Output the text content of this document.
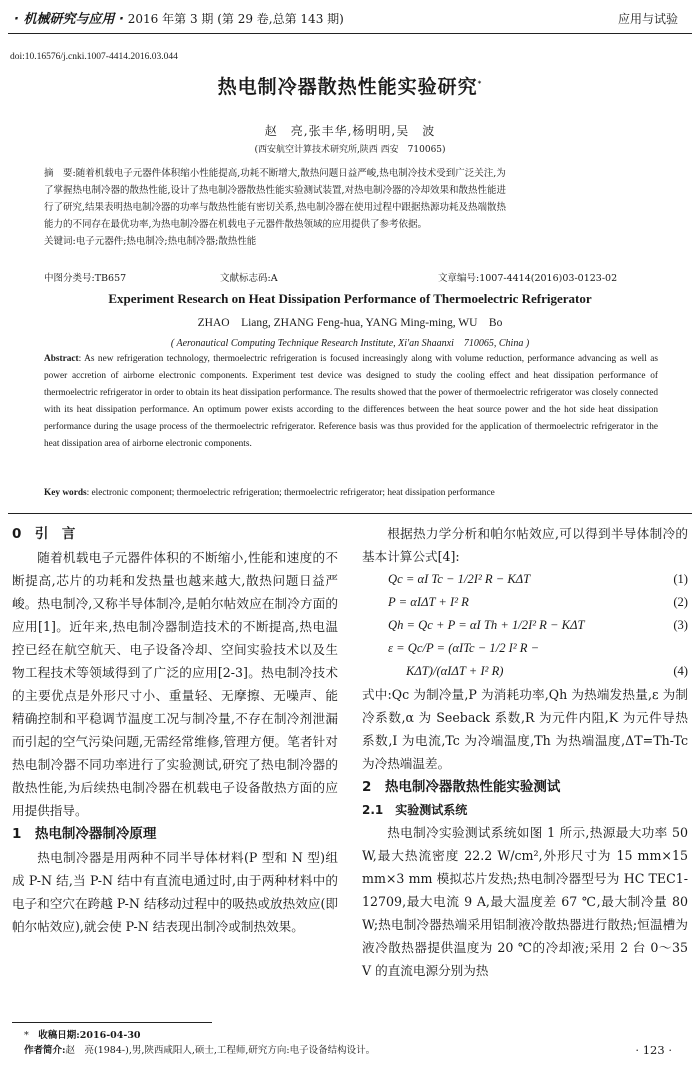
· 机械研究与应用 · 2016 年第 3 期 (第 29 卷,总第 143 期)	应用与试验
doi:10.16576/j.cnki.1007-4414.2016.03.044
热电制冷器散热性能实验研究*
赵　亮,张丰华,杨明明,吴　波
(西安航空计算技术研究所,陕西 西安　710065)

摘　要:随着机载电子元器件体积缩小性能提高,功耗不断增大,散热问题日益严峻,热电制冷技术受到广泛关注,为

了掌握热电制冷器的散热性能,设计了热电制冷器散热性能实验测试装置,对热电制冷器的冷却效果和散热性能进

行了研究,结果表明热电制冷器的功率与散热性能有密切关系,热电制冷器在使用过程中跟据热源功耗及热端散热

能力的不同存在最优功率,为热电制冷器在机载电子元器件散热领域的应用提供了参考依据。

关键词:电子元器件;热电制冷;热电制冷器;散热性能

中图分类号:TB657	文献标志码:A	文章编号:1007-4414(2016)03-0123-02
Experiment Research on Heat Dissipation Performance of Thermoelectric Refrigerator
ZHAO　Liang, ZHANG Feng-hua, YANG Ming-ming, WU　Bo
( Aeronautical Computing Technique Research Institute, Xi'an Shaanxi　710065, China )
Abstract: As new refrigeration technology, thermoelectric refrigeration is focused increasingly along with volume reduction, performance advancing as well as power accretion of airborne electronic components. Experiment test device was designed to study the cooling effect and heat dissipation performance of thermoelectric refrigerator in order to obtain its heat dissipation performance. The results showed that the power of thermoelectric refrigerator was closely connected with its heat dissipation performance. An optimum power exists according to the differences between the heat source power and the hot side heat dissipation performance during the usage process of the thermoelectric refrigerator. Reference basis was thus provided for the application of thermoelectric refrigerator in the heat dissipation area of airborne electronic components.
Key words: electronic component; thermoelectric refrigeration; thermoelectric refrigerator; heat dissipation performance
0　引　言

随着机载电子元器件体积的不断缩小,性能和速度的不断提高,芯片的功耗和发热量也越来越大,散热问题日益严峻。热电制冷,又称半导体制冷,是帕尔帖效应在制冷方面的应用[1]。近年来,热电制冷器制造技术的不断提高,热电温控已经在航空航天、电子设备冷却、空间实验技术以及生物工程技术等领域得到了广泛的应用[2-3]。热电制冷技术的主要优点是外形尺寸小、重量轻、无摩擦、无噪声、能精确控制和平稳调节温度工况与制冷量,不存在制冷剂泄漏而引起的空气污染问题,无需经常维修,管理方便。笔者针对热电制冷器不同功率进行了实验测试,研究了热电制冷器的散热性能,为后续热电制冷器在机载电子设备散热方面的应用提供指导。

1　热电制冷器制冷原理

热电制冷器是用两种不同半导体材料(P 型和 N 型)组成 P-N 结,当 P-N 结中有直流电通过时,由于两种材料中的电子和空穴在跨越 P-N 结移动过程中的吸热或放热效应(即帕尔帖效应),就会使 P-N 结表现出制冷或制热效果。

根据热力学分析和帕尔帖效应,可以得到半导体制冷的基本计算公式[4]:

Qc = αI Tc − 1/2I² R − KΔT	(1)
P = αIΔT + I² R	(2)
Qh = Qc + P = αI Th + 1/2I² R − KΔT	(3)
ε = Qc/P = (αITc − 1/2 I² R −
KΔT)/(αIΔT + I² R)	(4)

式中:Qc 为制冷量,P 为消耗功率,Qh 为热端发热量,ε 为制冷系数,α 为 Seeback 系数,R 为元件内阻,K 为元件导热系数,I 为电流,Tc 为冷端温度,Th 为热端温度,ΔT=Th-Tc 为冷热端温差。

2　热电制冷器散热性能实验测试
2.1　实验测试系统

热电制冷实验测试系统如图 1 所示,热源最大功率 50 W,最大热流密度 22.2 W/cm²,外形尺寸为 15 mm×15 mm×3 mm 模拟芯片发热;热电制冷器型号为 HC TEC1-12709,最大电流 9 A,最大温度差 67 ℃,最大制冷量 80 W;热电制冷器热端采用铝制液冷散热器进行散热;恒温槽为液冷散热器提供温度为 20 ℃的冷却液;采用 2 台 0～35 V 的直流电源分别为热

*　 收稿日期:2016-04-30
作者简介:赵　亮(1984-),男,陕西咸阳人,硕士,工程师,研究方向:电子设备结构设计。	· 123 ·
